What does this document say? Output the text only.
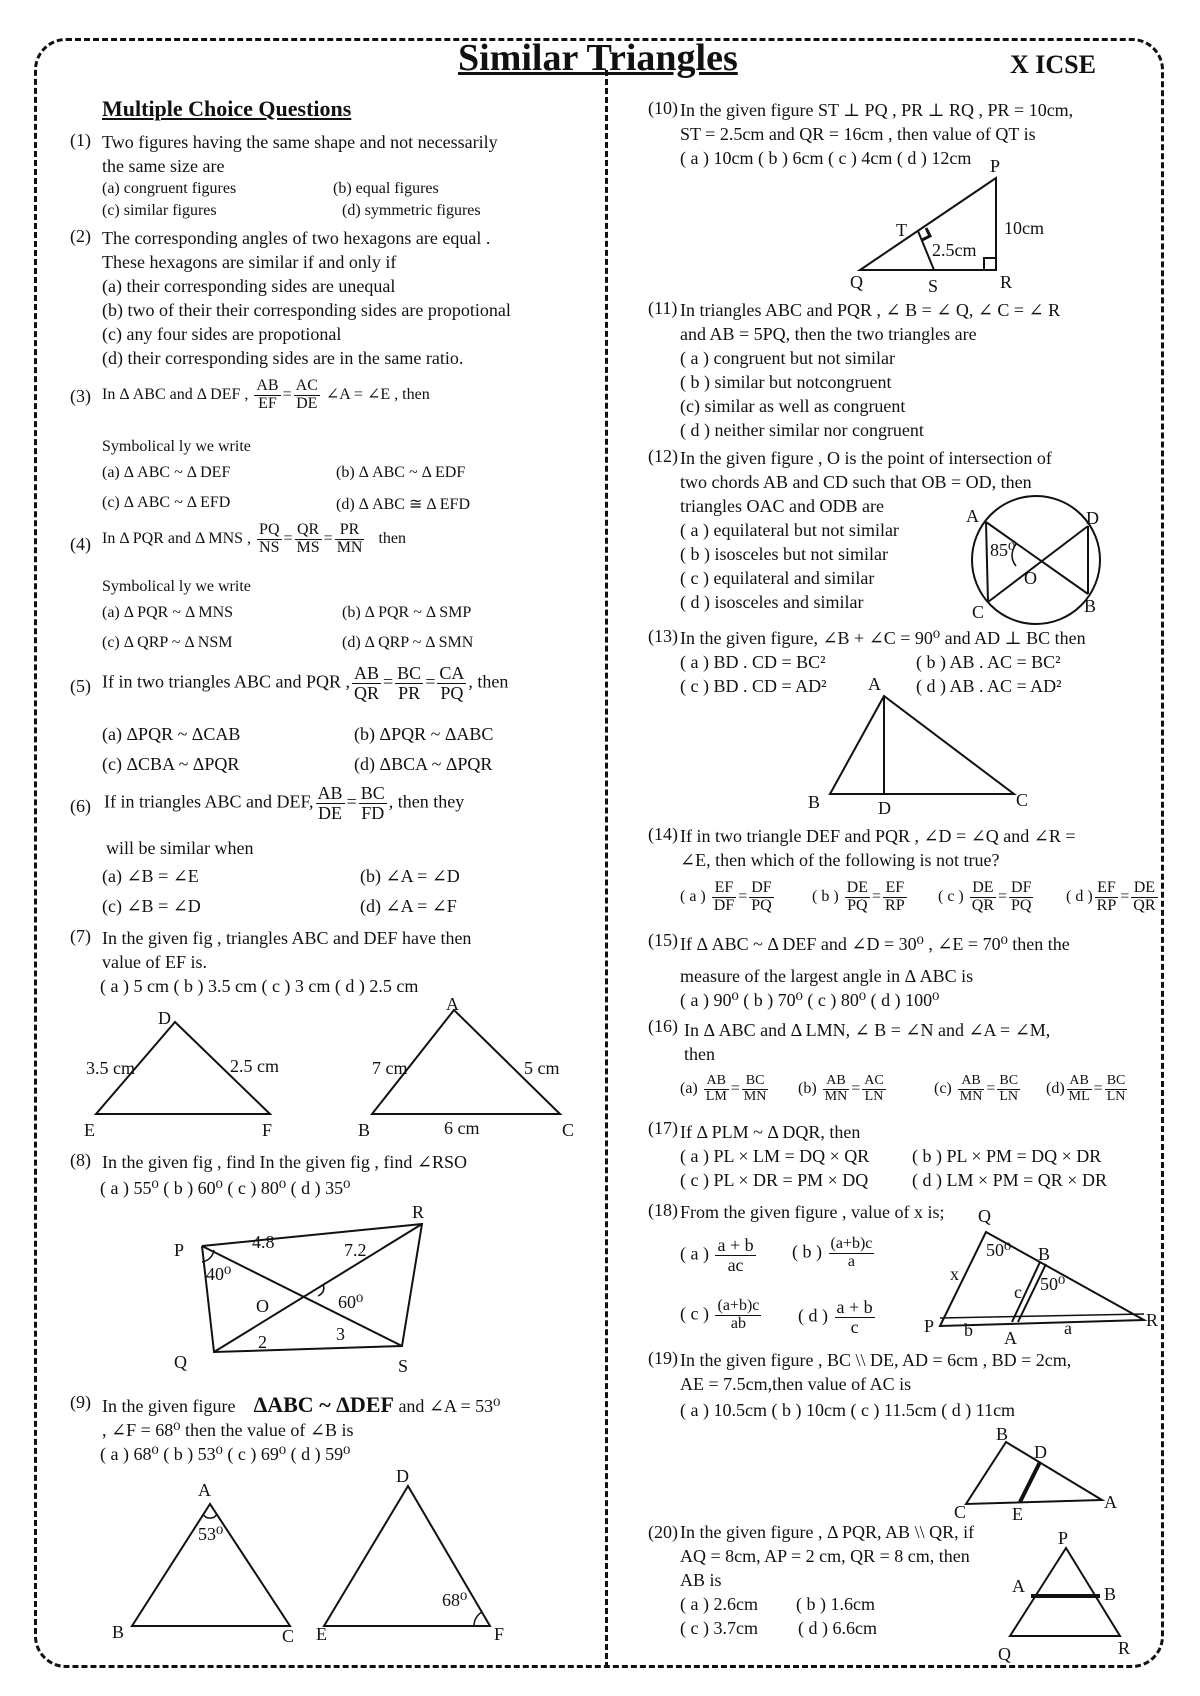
Similar Triangles	X ICSE
Multiple Choice Questions
(1) Two figures having the same shape and not necessarily
the same size are
(a) congruent figures	(b) equal figures
(c) similar figures	(d) symmetric figures
(2) The corresponding angles of two hexagons are equal .
These hexagons are similar if and only if
(a) their corresponding sides are unequal
(b) two of their their corresponding sides are propotional
(c) any four sides are propotional
(d) their corresponding sides are in the same ratio.
(3) In Δ ABC and Δ DEF , $\frac{AB}{EF} = \frac{AC}{DE}$ ∠A = ∠E , then
Symbolical ly we write
(a) Δ ABC ~ Δ DEF	(b) Δ ABC ~ Δ EDF
(c) Δ ABC ~ Δ EFD	(d) Δ ABC ≅ Δ EFD
(4) In Δ PQR and Δ MNS , $\frac{PQ}{NS} = \frac{QR}{MS} = \frac{PR}{MN}$ then
Symbolical ly we write
(a) Δ PQR ~ Δ MNS	(b) Δ PQR ~ Δ SMP
(c) Δ QRP ~ Δ NSM	(d) Δ QRP ~ Δ SMN
(5) If in two triangles ABC and PQR , $\frac{AB}{QR} = \frac{BC}{PR} = \frac{CA}{PQ}$ , then
(a) ΔPQR ~ ΔCAB	(b) ΔPQR ~ ΔABC
(c) ΔCBA ~ ΔPQR	(d) ΔBCA ~ ΔPQR
(6) If in triangles ABC and DEF, $\frac{AB}{DE} = \frac{BC}{FD}$ , then they
will be similar when
(a) ∠B = ∠E	(b) ∠A = ∠D
(c) ∠B = ∠D	(d) ∠A = ∠F
(7) In the given fig , triangles ABC and DEF have then
value of EF is.
( a ) 5 cm ( b ) 3.5 cm ( c ) 3 cm ( d ) 2.5 cm
D
E	F
3.5 cm	2.5 cm
A
B	C
7 cm	5 cm
6 cm
(8) In the given fig , find In the given fig , find ∠RSO
( a ) 55⁰ ( b ) 60⁰ ( c ) 80⁰ ( d ) 35⁰
P
Q
R
S
O
4.8	7.2
2	3
40⁰
60⁰
(9) In the given figure ΔABC ~ ΔDEF and ∠A = 53⁰
, ∠F = 68⁰ then the value of ∠B is
( a ) 68⁰ ( b ) 53⁰ ( c ) 69⁰ ( d ) 59⁰
A
B	C
53⁰
D
E	F
68⁰
(10) In the given figure ST ⊥ PQ , PR ⊥ RQ , PR = 10cm,
ST = 2.5cm and QR = 16cm , then value of QT is
( a ) 10cm ( b ) 6cm ( c ) 4cm ( d ) 12cm P
Q	R
S
T	10cm
2.5cm
(11) In triangles ABC and PQR , ∠ B = ∠ Q, ∠ C = ∠ R
and AB = 5PQ, then the two triangles are
( a ) congruent but not similar
( b ) similar but notcongruent
(c) similar as well as congruent
( d ) neither similar nor congruent
(12) In the given figure , O is the point of intersection of
two chords AB and CD such that OB = OD, then
triangles OAC and ODB are
( a ) equilateral but not similar
( b ) isosceles but not similar
( c ) equilateral and similar
( d ) isosceles and similar
A	D
C	B
O
85⁰
(13) In the given figure, ∠B + ∠C = 90⁰ and AD ⊥ BC then
( a ) BD . CD = BC²	( b ) AB . AC = BC²
( c ) BD . CD = AD²	( d ) AB . AC = AD²
A
B	C
D
(14) If in two triangle DEF and PQR , ∠D = ∠Q and ∠R =
∠E, then which of the following is not true?
( a ) $\frac{EF}{DF} = \frac{DF}{PQ}$ ( b ) $\frac{DE}{PQ} = \frac{EF}{RP}$ ( c ) $\frac{DE}{QR} = \frac{DF}{PQ}$ ( d ) $\frac{EF}{RP} = \frac{DE}{QR}$
(15) If Δ ABC ~ Δ DEF and ∠D = 30⁰ , ∠E = 70⁰ then the
measure of the largest angle in Δ ABC is
( a ) 90⁰ ( b ) 70⁰ ( c ) 80⁰ ( d ) 100⁰
(16) In Δ ABC and Δ LMN, ∠ B = ∠N and ∠A = ∠M,
then
$(a) \frac{AB}{LM} = \frac{BC}{MN} (b) \frac{AB}{MN} = \frac{AC}{LN}$	$(c) \frac{AB}{MN} = \frac{BC}{LN} (d) \frac{AB}{ML} = \frac{BC}{LN}$
(17) If Δ PLM ~ Δ DQR, then
( a ) PL × LM = DQ × QR ( b ) PL × PM = DQ × DR
( c ) PL × DR = PM × DQ ( d ) LM × PM = QR × DR
(18) From the given figure , value of x is;
( a ) $\frac{a + b}{ac}$ ( b ) $\frac{(a+b)c}{a}$
( c ) $\frac{(a+b)c}{ab}$ ( d ) $\frac{a + b}{c}$
Q
B
P
A
R
x
c
b	a
50⁰
50⁰
(19) In the given figure , BC \\ DE, AD = 6cm , BD = 2cm,
AE = 7.5cm,then value of AC is
( a ) 10.5cm ( b ) 10cm ( c ) 11.5cm ( d ) 11cm
B
D
C	E
A
(20) In the given figure , Δ PQR, AB \\ QR, if
AQ = 8cm, AP = 2 cm, QR = 8 cm, then
AB is
( a ) 2.6cm ( b ) 1.6cm
( c ) 3.7cm ( d ) 6.6cm
P
A	B
Q	R
